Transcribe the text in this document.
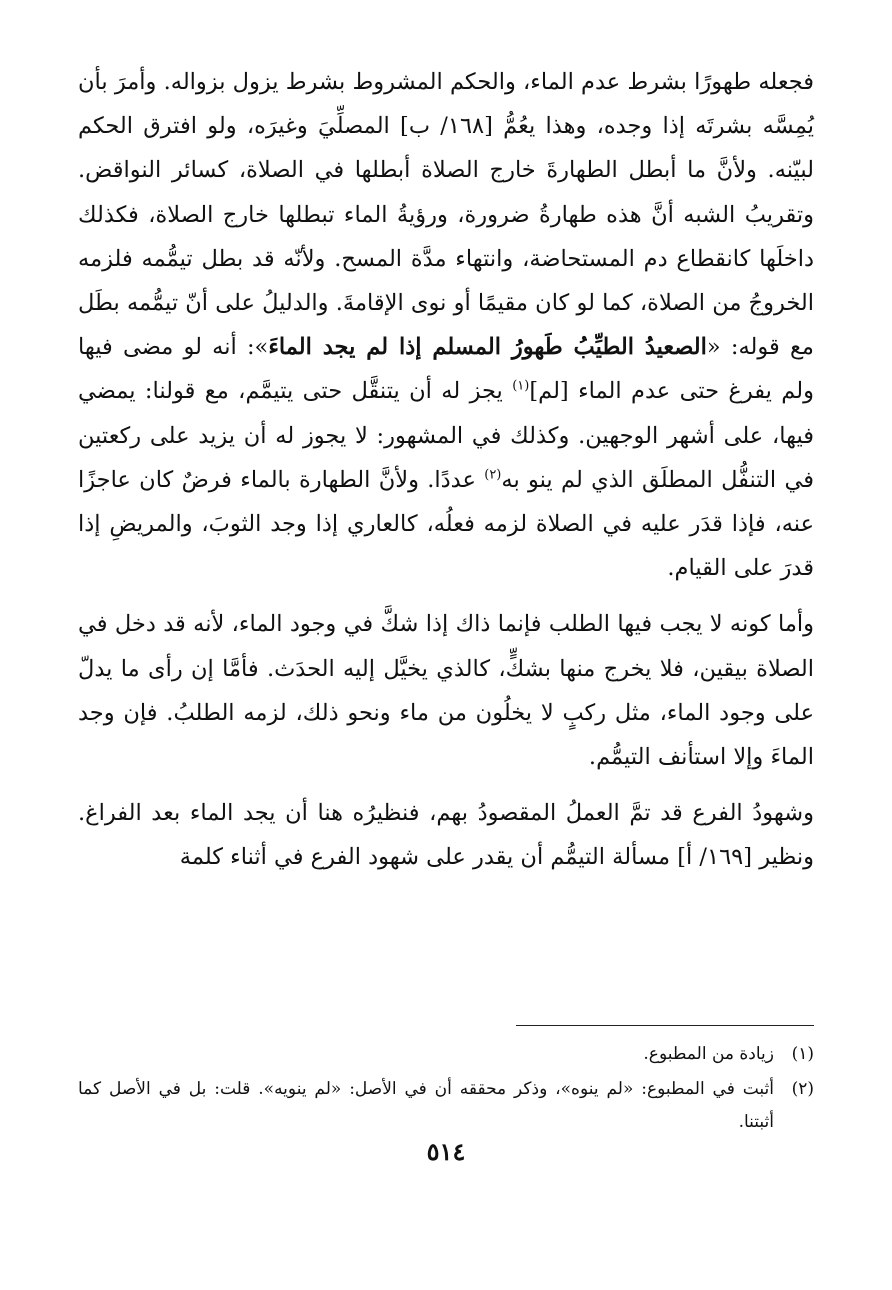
فجعله طهورًا بشرط عدم الماء، والحكم المشروط بشرط يزول بزواله. وأمرَ بأن يُمِسَّه بشرتَه إذا وجده، وهذا يعُمُّ [١٦٨/ ب] المصلِّيَ وغيرَه، ولو افترق الحكم لبيّنه. ولأنَّ ما أبطل الطهارةَ خارج الصلاة أبطلها في الصلاة، كسائر النواقض. وتقريبُ الشبه أنَّ هذه طهارةُ ضرورة، ورؤيةُ الماء تبطلها خارج الصلاة، فكذلك داخلَها كانقطاع دم المستحاضة، وانتهاء مدَّة المسح. ولأنّه قد بطل تيمُّمه فلزمه الخروجُ من الصلاة، كما لو كان مقيمًا أو نوى الإقامةَ. والدليلُ على أنّ تيمُّمه بطَل مع قوله: «الصعيدُ الطيِّبُ طَهورُ المسلم إذا لم يجد الماءَ»: أنه لو مضى فيها ولم يفرغ حتى عدم الماء [لم]$^{(١)}$ يجز له أن يتنقَّل حتى يتيمَّم، مع قولنا: يمضي فيها، على أشهر الوجهين. وكذلك في المشهور: لا يجوز له أن يزيد على ركعتين في التنفُّل المطلَق الذي لم ينو به$^{(٢)}$ عددًا. ولأنَّ الطهارة بالماء فرضٌ كان عاجزًا عنه، فإذا قدَر عليه في الصلاة لزمه فعلُه، كالعاري إذا وجد الثوبَ، والمريضِ إذا قدرَ على القيام.

وأما كونه لا يجب فيها الطلب فإنما ذاك إذا شكَّ في وجود الماء، لأنه قد دخل في الصلاة بيقين، فلا يخرج منها بشكٍّ، كالذي يخيَّل إليه الحدَث. فأمَّا إن رأى ما يدلّ على وجود الماء، مثل ركبٍ لا يخلُون من ماء ونحو ذلك، لزمه الطلبُ. فإن وجد الماءَ وإلا استأنف التيمُّم.

وشهودُ الفرع قد تمَّ العملُ المقصودُ بهم، فنظيرُه هنا أن يجد الماء بعد الفراغ. ونظير [١٦٩/ أ] مسألة التيمُّم أن يقدر على شهود الفرع في أثناء كلمة

(١)
زيادة من المطبوع.
(٢)
أثبت في المطبوع: «لم ينوه»، وذكر محققه أن في الأصل: «لم ينويه». قلت: بل في الأصل كما أثبتنا.
٥١٤
